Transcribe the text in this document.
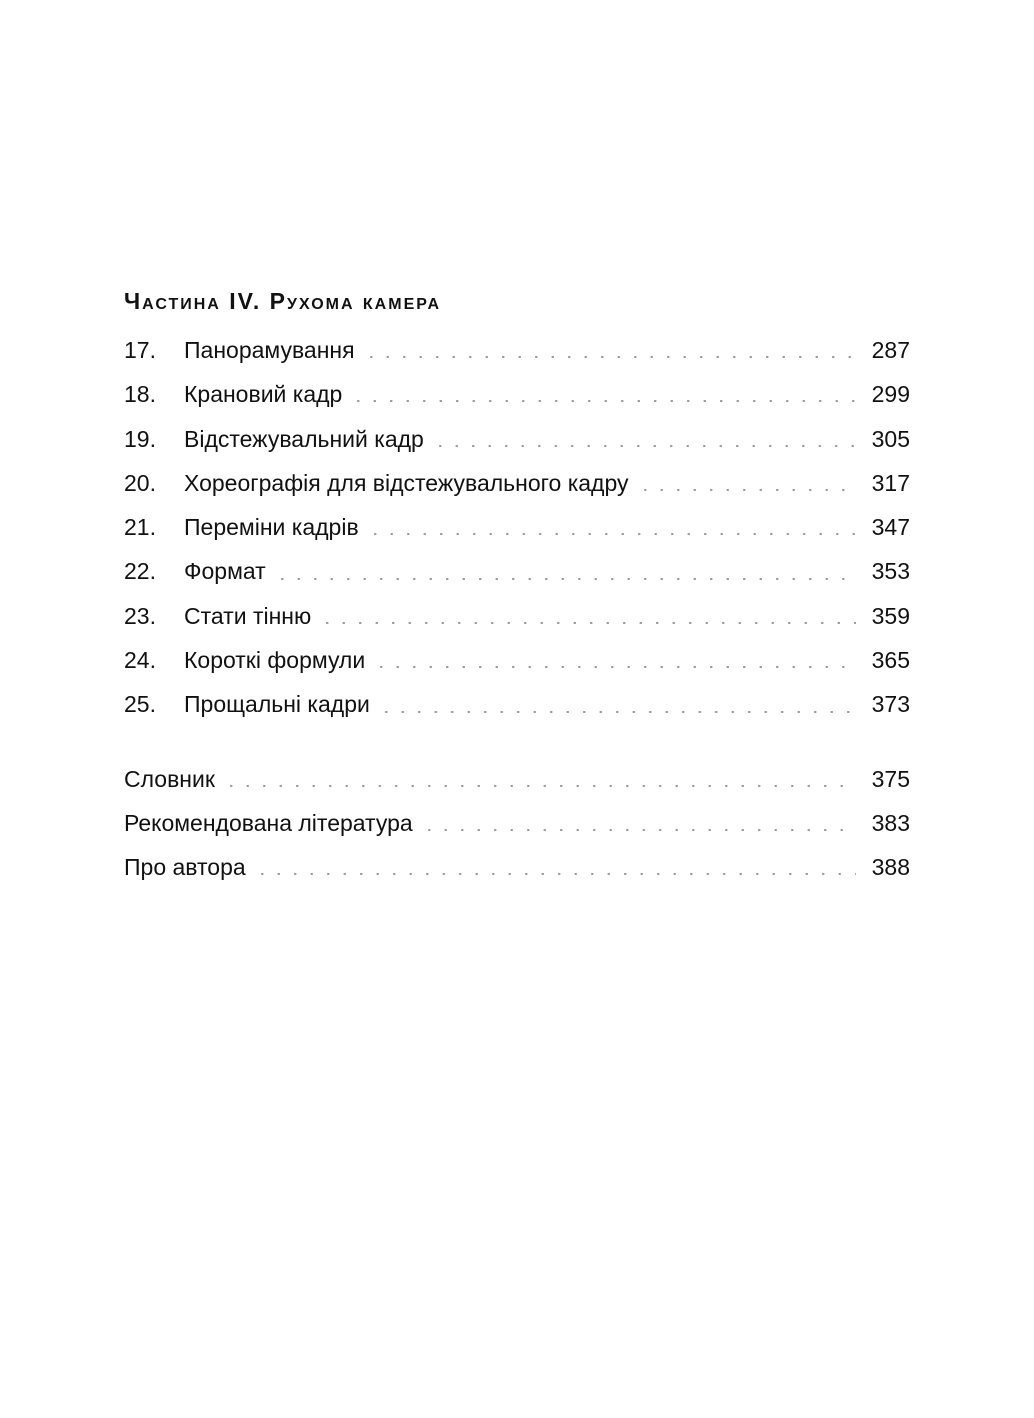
Частина IV. Рухома камера
17.	Панорамування	287
18.	Крановий кадр	299
19.	Відстежувальний кадр	305
20.	Хореографія для відстежувального кадру	317
21.	Переміни кадрів	347
22.	Формат	353
23.	Стати тінню	359
24.	Короткі формули	365
25.	Прощальні кадри	373
Словник	375
Рекомендована література	383
Про автора	388
